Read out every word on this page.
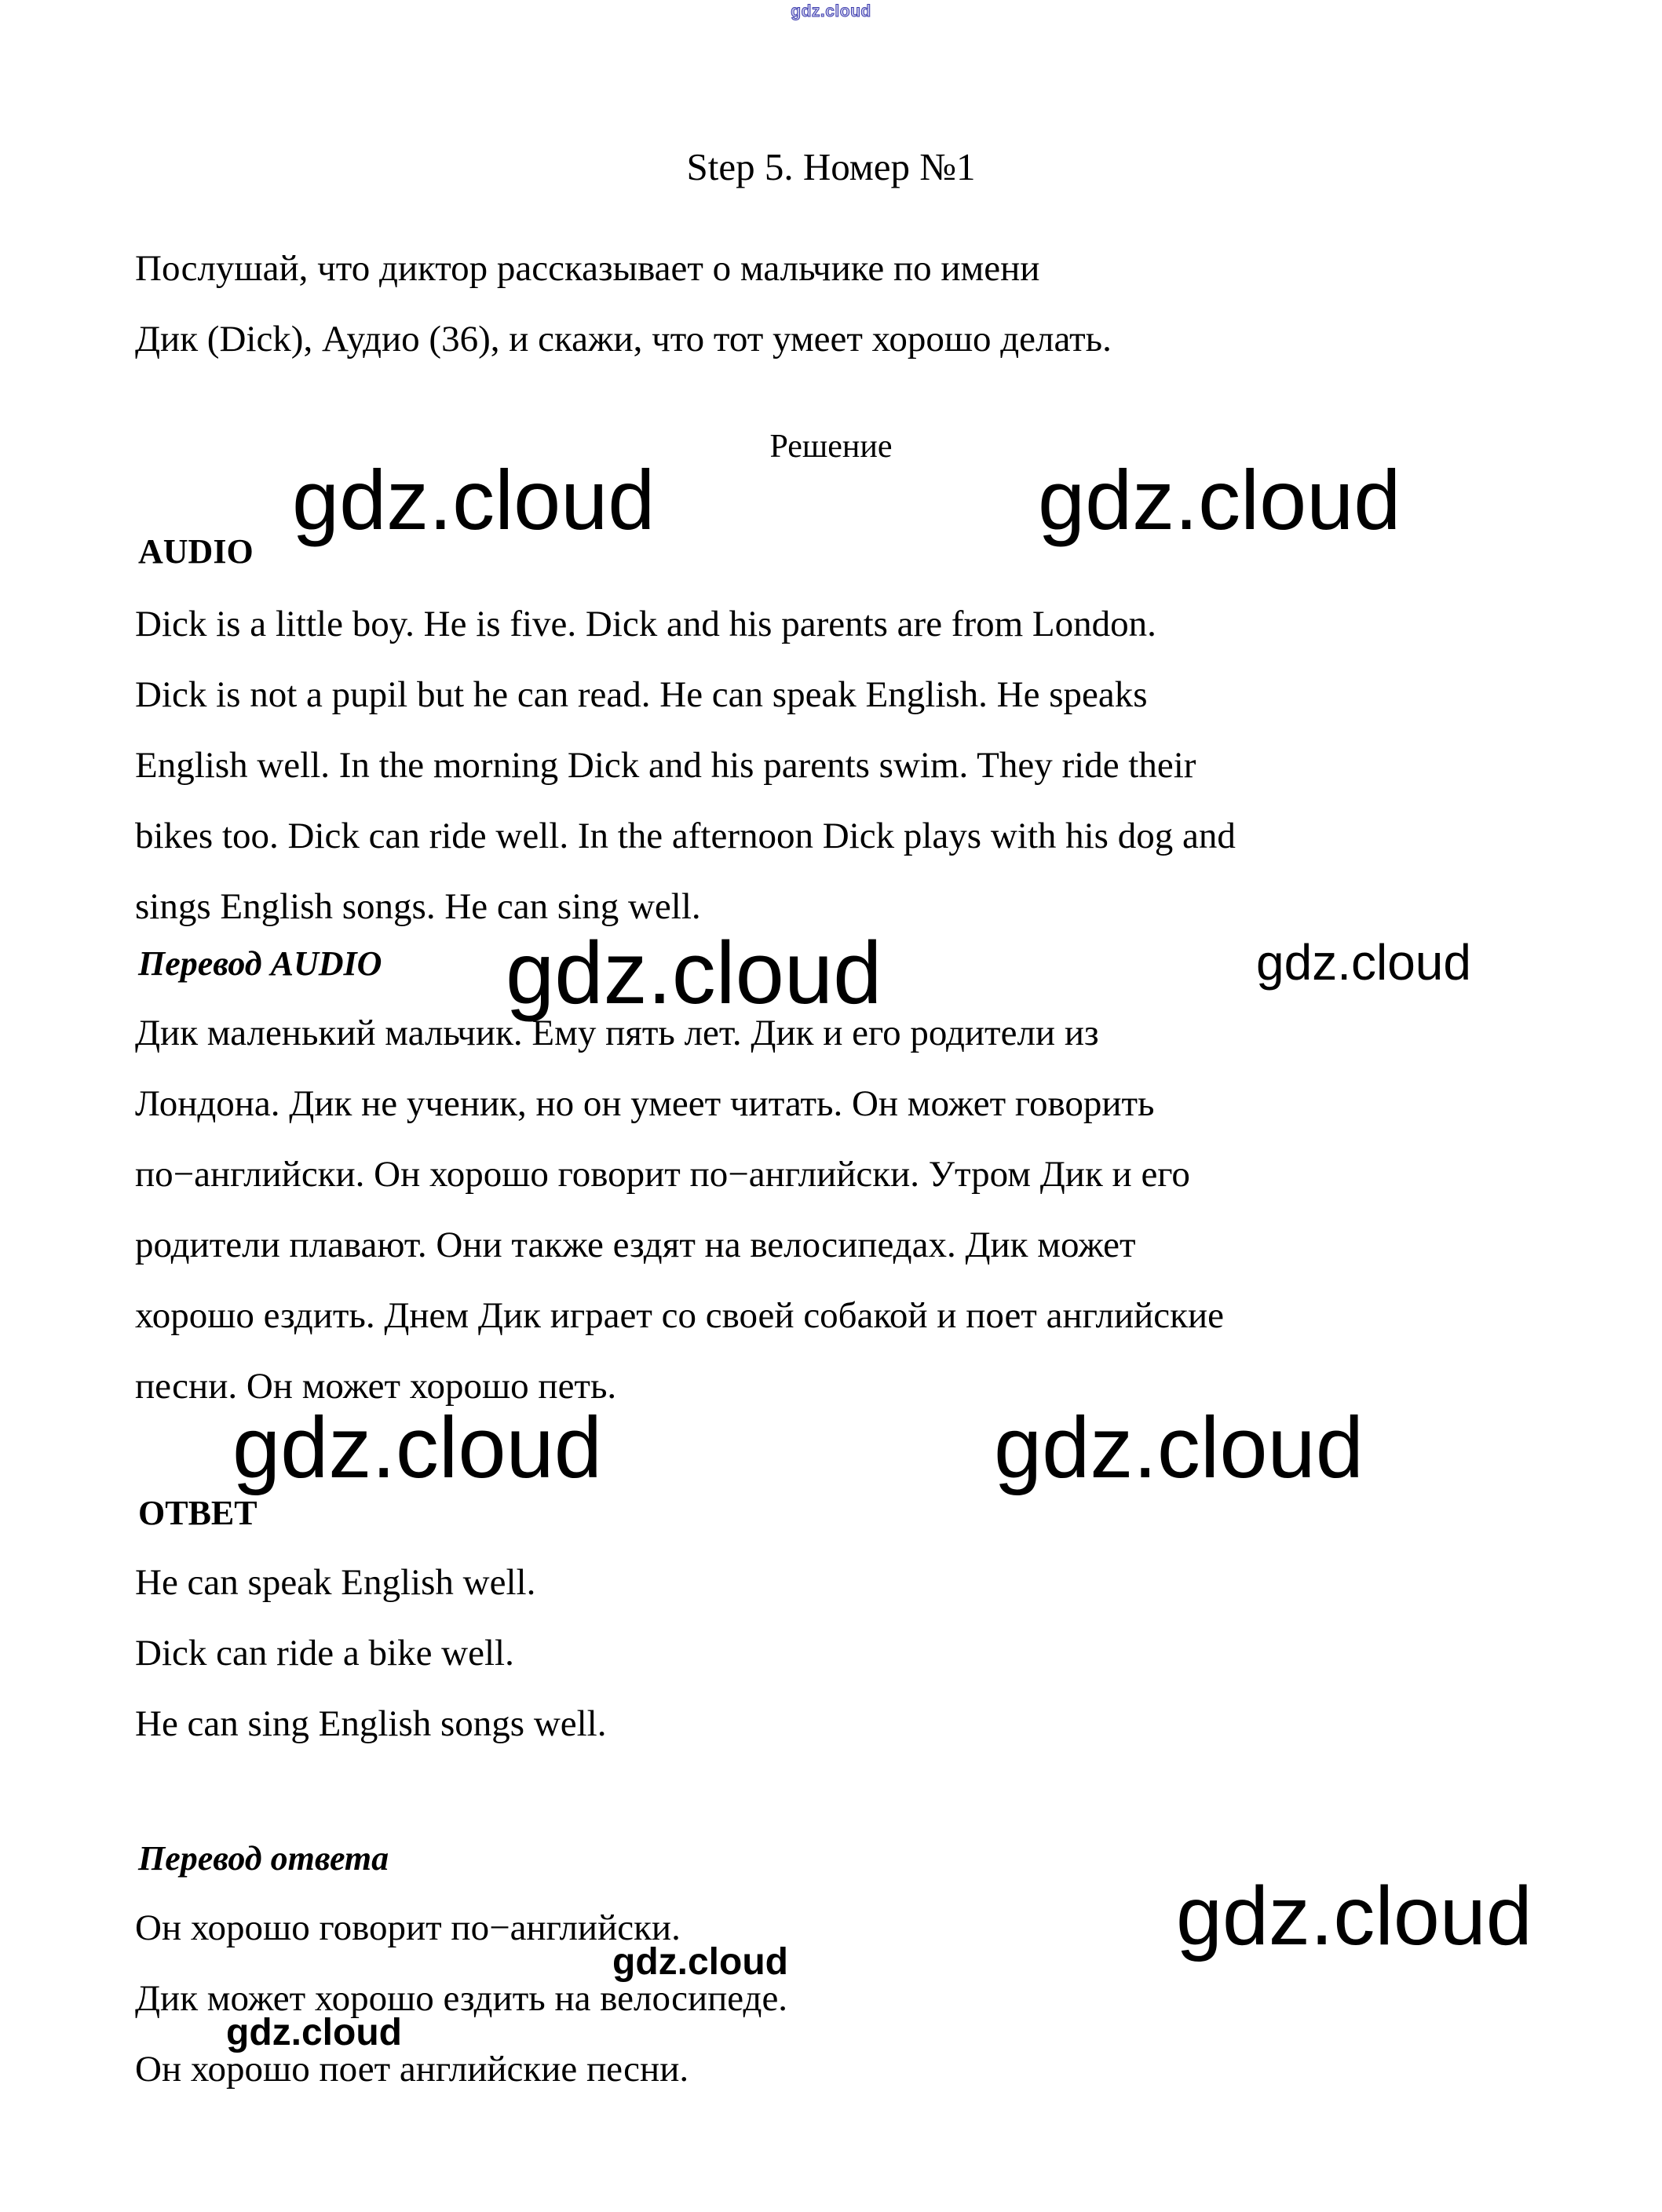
gdz.cloud
Step 5. Номер №1
Послушай, что диктор рассказывает о мальчике по имени
Дик (Dick), Аудио (36), и скажи, что тот умеет хорошо делать.
Решение
gdz.cloud	gdz.cloud
AUDIO
Dick is a little boy. He is five. Dick and his parents are from London.
Dick is not a pupil but he can read. He can speak English. He speaks
English well. In the morning Dick and his parents swim. They ride their
bikes too. Dick can ride well. In the afternoon Dick plays with his dog and
sings English songs. He can sing well.
Перевод AUDIO gdz.cloud	gdz.cloud
Дик маленький мальчик. Ему пять лет. Дик и его родители из
Лондона. Дик не ученик, но он умеет читать. Он может говорить
по−английски. Он хорошо говорит по−английски. Утром Дик и его
родители плавают. Они также ездят на велосипедах. Дик может
хорошо ездить. Днем Дик играет со своей собакой и поет английские
песни. Он может хорошо петь.
gdz.cloud	gdz.cloud
ОТВЕТ
He can speak English well.
Dick can ride a bike well.
He can sing English songs well.
Перевод ответа
gdz.cloud
Он хорошо говорит по−английски.
Дик может хорошо ездить на велосипеде.
Он хорошо поет английские песни.
gdz.cloud
gdz.cloud
